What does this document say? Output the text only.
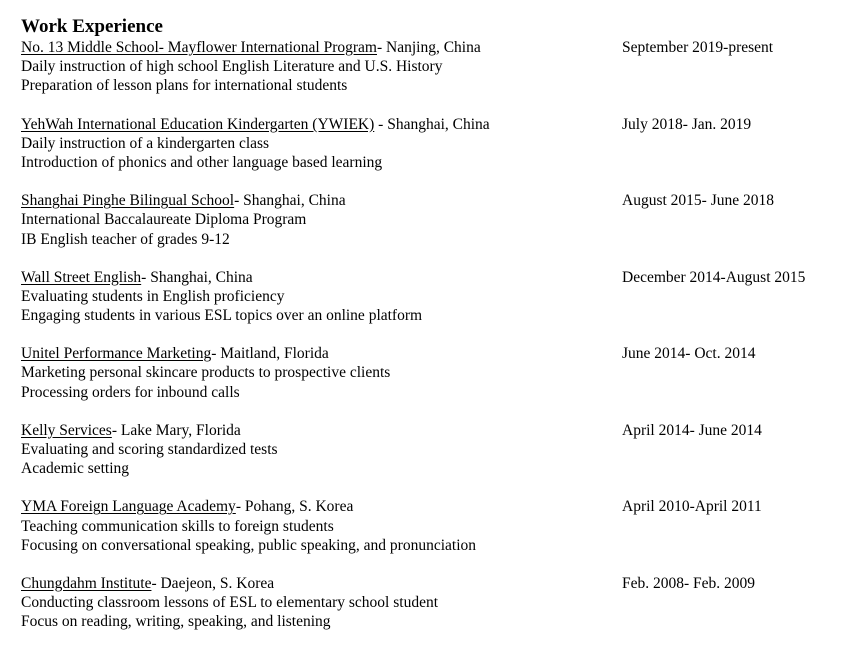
Work Experience
No. 13 Middle School- Mayflower International Program- Nanjing, China	September 2019-present
Daily instruction of high school English Literature and U.S. History
Preparation of lesson plans for international students
YehWah International Education Kindergarten (YWIEK) - Shanghai, China	July 2018- Jan. 2019
Daily instruction of a kindergarten class
Introduction of phonics and other language based learning
Shanghai Pinghe Bilingual School- Shanghai, China	August 2015- June 2018
International Baccalaureate Diploma Program
IB English teacher of grades 9-12
Wall Street English- Shanghai, China	December 2014-August 2015
Evaluating students in English proficiency
Engaging students in various ESL topics over an online platform
Unitel Performance Marketing- Maitland, Florida	June 2014- Oct. 2014
Marketing personal skincare products to prospective clients
Processing orders for inbound calls
Kelly Services- Lake Mary, Florida	April 2014- June 2014
Evaluating and scoring standardized tests
Academic setting
YMA Foreign Language Academy- Pohang, S. Korea	April 2010-April 2011
Teaching communication skills to foreign students
Focusing on conversational speaking, public speaking, and pronunciation
Chungdahm Institute- Daejeon, S. Korea	Feb. 2008- Feb. 2009
Conducting classroom lessons of ESL to elementary school student
Focus on reading, writing, speaking, and listening
